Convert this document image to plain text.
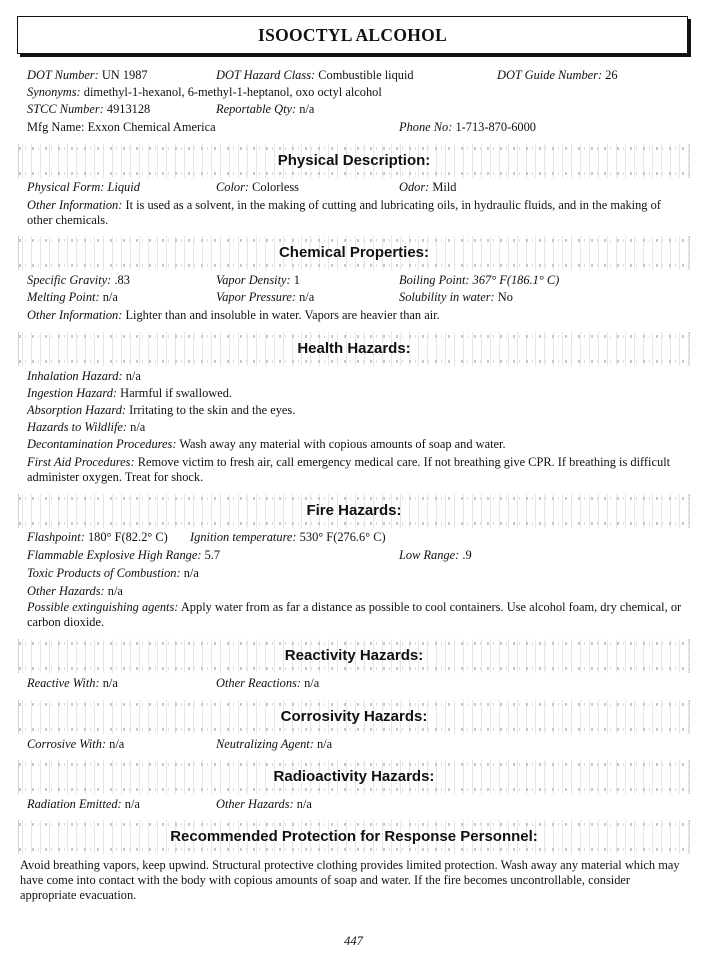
ISOOCTYL ALCOHOL
DOT Number: UN 1987	DOT Hazard Class: Combustible liquid	DOT Guide Number: 26
Synonyms: dimethyl-1-hexanol, 6-methyl-1-heptanol, oxo octyl alcohol
STCC Number: 4913128	Reportable Qty: n/a
Mfg Name: Exxon Chemical America	Phone No: 1-713-870-6000
Physical Description:
Physical Form: Liquid	Color: Colorless	Odor: Mild
Other Information: It is used as a solvent, in the making of cutting and lubricating oils, in hydraulic fluids, and in the making of other chemicals.
Chemical Properties:
Specific Gravity: .83	Vapor Density: 1	Boiling Point: 367° F(186.1° C)
Melting Point: n/a	Vapor Pressure: n/a	Solubility in water: No
Other Information: Lighter than and insoluble in water. Vapors are heavier than air.
Health Hazards:
Inhalation Hazard: n/a
Ingestion Hazard: Harmful if swallowed.
Absorption Hazard: Irritating to the skin and the eyes.
Hazards to Wildlife: n/a
Decontamination Procedures: Wash away any material with copious amounts of soap and water.
First Aid Procedures: Remove victim to fresh air, call emergency medical care. If not breathing give CPR. If breathing is difficult administer oxygen. Treat for shock.
Fire Hazards:
Flashpoint: 180° F(82.2° C) Ignition temperature: 530° F(276.6° C)
Flammable Explosive High Range: 5.7	Low Range: .9
Toxic Products of Combustion: n/a
Other Hazards: n/a
Possible extinguishing agents: Apply water from as far a distance as possible to cool containers. Use alcohol foam, dry chemical, or carbon dioxide.
Reactivity Hazards:
Reactive With: n/a	Other Reactions: n/a
Corrosivity Hazards:
Corrosive With: n/a	Neutralizing Agent: n/a
Radioactivity Hazards:
Radiation Emitted: n/a	Other Hazards: n/a
Recommended Protection for Response Personnel:
Avoid breathing vapors, keep upwind. Structural protective clothing provides limited protection. Wash away any material which may have come into contact with the body with copious amounts of soap and water. If the fire becomes uncontrollable, consider appropriate evacuation.
447
